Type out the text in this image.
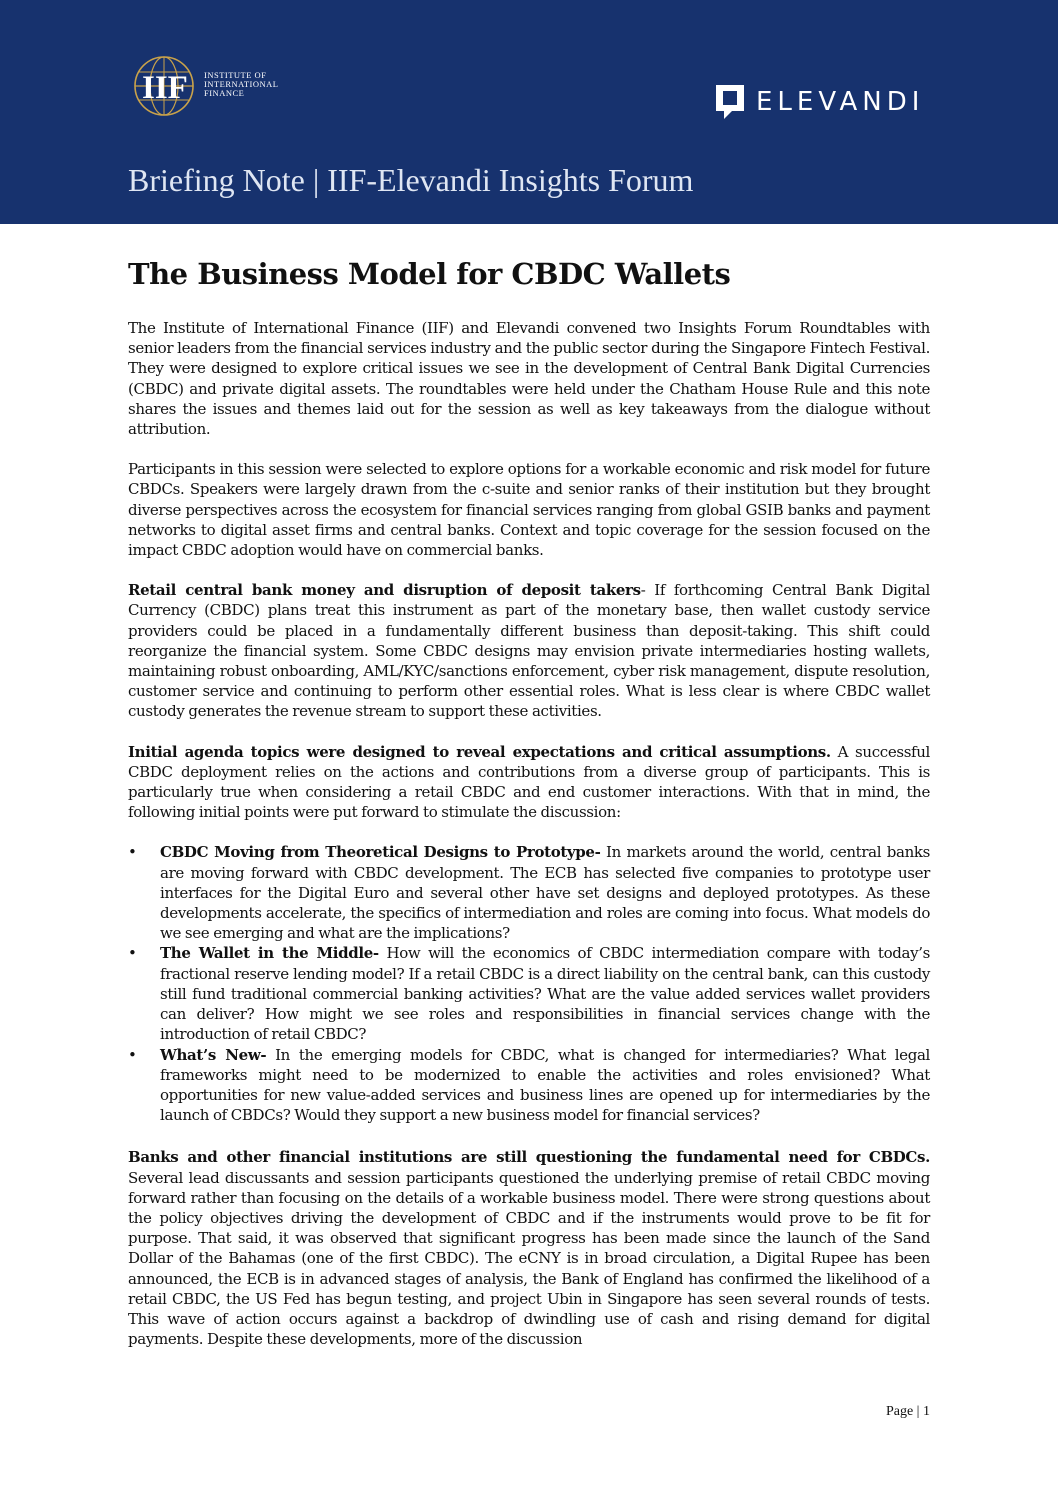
IIF INSTITUTE OF
INTERNATIONAL
FINANCE	ELEVANDI
Briefing Note | IIF-Elevandi Insights Forum
The Business Model for CBDC Wallets

The Institute of International Finance (IIF) and Elevandi convened two Insights Forum Roundtables with senior leaders from the financial services industry and the public sector during the Singapore Fintech Festival. They were designed to explore critical issues we see in the development of Central Bank Digital Currencies (CBDC) and private digital assets. The roundtables were held under the Chatham House Rule and this note shares the issues and themes laid out for the session as well as key takeaways from the dialogue without attribution.

Participants in this session were selected to explore options for a workable economic and risk model for future CBDCs. Speakers were largely drawn from the c-suite and senior ranks of their institution but they brought diverse perspectives across the ecosystem for financial services ranging from global GSIB banks and payment networks to digital asset firms and central banks. Context and topic coverage for the session focused on the impact CBDC adoption would have on commercial banks.

Retail central bank money and disruption of deposit takers- If forthcoming Central Bank Digital Currency (CBDC) plans treat this instrument as part of the monetary base, then wallet custody service providers could be placed in a fundamentally different business than deposit-taking. This shift could reorganize the financial system. Some CBDC designs may envision private intermediaries hosting wallets, maintaining robust onboarding, AML/KYC/sanctions enforcement, cyber risk management, dispute resolution, customer service and continuing to perform other essential roles. What is less clear is where CBDC wallet custody generates the revenue stream to support these activities.

Initial agenda topics were designed to reveal expectations and critical assumptions. A successful CBDC deployment relies on the actions and contributions from a diverse group of participants. This is particularly true when considering a retail CBDC and end customer interactions. With that in mind, the following initial points were put forward to stimulate the discussion:

• CBDC Moving from Theoretical Designs to Prototype- In markets around the world, central banks are moving forward with CBDC development. The ECB has selected five companies to prototype user interfaces for the Digital Euro and several other have set designs and deployed prototypes. As these developments accelerate, the specifics of intermediation and roles are coming into focus. What models do we see emerging and what are the implications?
• The Wallet in the Middle- How will the economics of CBDC intermediation compare with today’s fractional reserve lending model? If a retail CBDC is a direct liability on the central bank, can this custody still fund traditional commercial banking activities? What are the value added services wallet providers can deliver? How might we see roles and responsibilities in financial services change with the introduction of retail CBDC?
• What’s New- In the emerging models for CBDC, what is changed for intermediaries? What legal frameworks might need to be modernized to enable the activities and roles envisioned? What opportunities for new value-added services and business lines are opened up for intermediaries by the launch of CBDCs? Would they support a new business model for financial services?

Banks and other financial institutions are still questioning the fundamental need for CBDCs. Several lead discussants and session participants questioned the underlying premise of retail CBDC moving forward rather than focusing on the details of a workable business model. There were strong questions about the policy objectives driving the development of CBDC and if the instruments would prove to be fit for purpose. That said, it was observed that significant progress has been made since the launch of the Sand Dollar of the Bahamas (one of the first CBDC). The eCNY is in broad circulation, a Digital Rupee has been announced, the ECB is in advanced stages of analysis, the Bank of England has confirmed the likelihood of a retail CBDC, the US Fed has begun testing, and project Ubin in Singapore has seen several rounds of tests. This wave of action occurs against a backdrop of dwindling use of cash and rising demand for digital payments. Despite these developments, more of the discussion

Page | 1
